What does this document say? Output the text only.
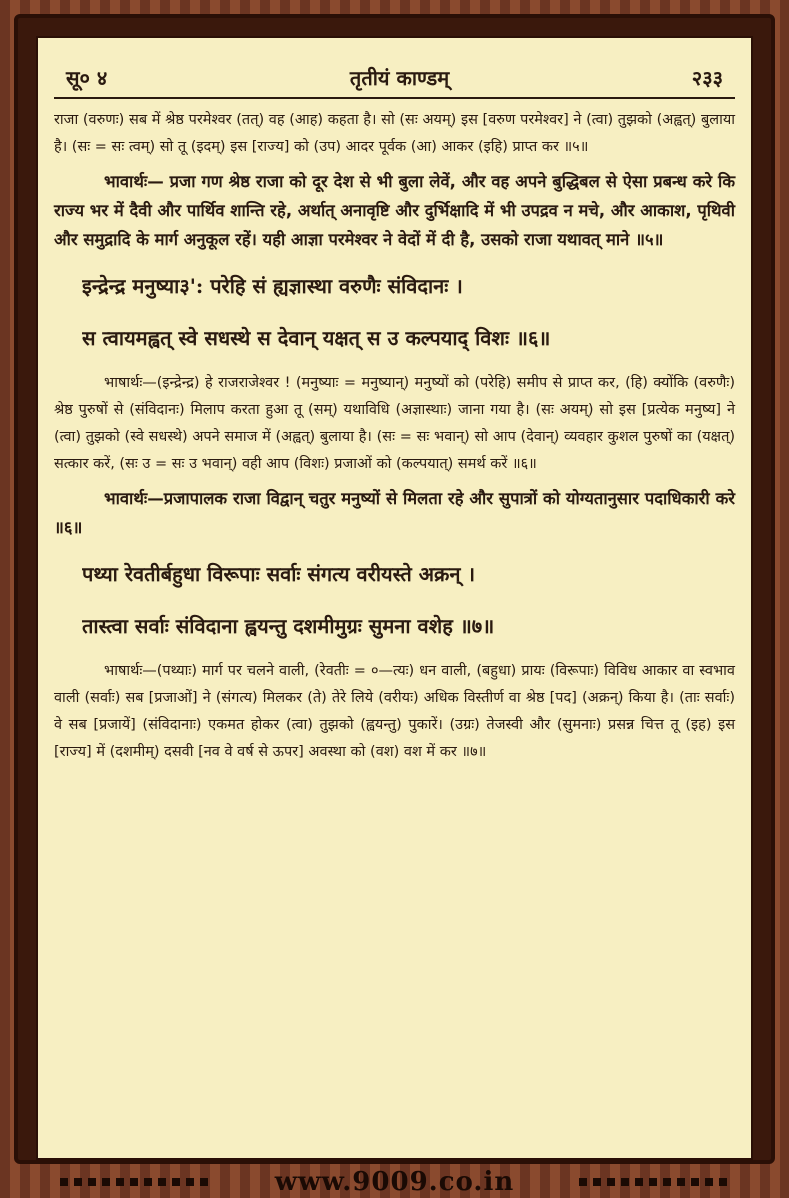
सू० ४	तृतीयं काण्डम्	२३३

राजा (वरुणः) सब में श्रेष्ठ परमेश्वर (तत्) वह (आह) कहता है। सो (सः अयम्) इस [वरुण परमेश्वर] ने (त्वा) तुझको (अह्वत्) बुलाया है। (सः = सः त्वम्) सो तू (इदम्) इस [राज्य] को (उप) आदर पूर्वक (आ) आकर (इहि) प्राप्त कर ॥५॥

भावार्थः— प्रजा गण श्रेष्ठ राजा को दूर देश से भी बुला लेवें, और वह अपने बुद्धिबल से ऐसा प्रबन्ध करे कि राज्य भर में दैवी और पार्थिव शान्ति रहे, अर्थात् अनावृष्टि और दुर्भिक्षादि में भी उपद्रव न मचे, और आकाश, पृथिवी और समुद्रादि के मार्ग अनुकूल रहें। यही आज्ञा परमेश्वर ने वेदों में दी है, उसको राजा यथावत् माने ॥५॥

इन्द्रेन्द्र मनुष्या३': परेहि सं ह्यज्ञास्था वरुणैः संविदानः ।
स त्वायमह्वत् स्वे सधस्थे स देवान् यक्षत् स उ कल्पयाद् विशः ॥६॥

भाषार्थः—(इन्द्रेन्द्र) हे राजराजेश्वर ! (मनुष्याः = मनुष्यान्) मनुष्यों को (परेहि) समीप से प्राप्त कर, (हि) क्योंकि (वरुणैः) श्रेष्ठ पुरुषों से (संविदानः) मिलाप करता हुआ तू (सम्) यथाविधि (अज्ञास्थाः) जाना गया है। (सः अयम्) सो इस [प्रत्येक मनुष्य] ने (त्वा) तुझको (स्वे सधस्थे) अपने समाज में (अह्वत्) बुलाया है। (सः = सः भवान्) सो आप (देवान्) व्यवहार कुशल पुरुषों का (यक्षत्) सत्कार करें, (सः उ = सः उ भवान्) वही आप (विशः) प्रजाओं को (कल्पयात्) समर्थ करें ॥६॥

भावार्थः—प्रजापालक राजा विद्वान् चतुर मनुष्यों से मिलता रहे और सुपात्रों को योग्यतानुसार पदाधिकारी करे ॥६॥

पथ्या रेवतीर्बहुधा विरूपाः सर्वाः संगत्य वरीयस्ते अक्रन् ।
तास्त्वा सर्वाः संविदाना ह्वयन्तु दशमीमुग्रः सुमना वशेह ॥७॥

भाषार्थः—(पथ्याः) मार्ग पर चलने वाली, (रेवतीः = ०—त्यः) धन वाली, (बहुधा) प्रायः (विरूपाः) विविध आकार वा स्वभाव वाली (सर्वाः) सब [प्रजाओं] ने (संगत्य) मिलकर (ते) तेरे लिये (वरीयः) अधिक विस्तीर्ण वा श्रेष्ठ [पद] (अक्रन्) किया है। (ताः सर्वाः) वे सब [प्रजायें] (संविदानाः) एकमत होकर (त्वा) तुझको (ह्वयन्तु) पुकारें। (उग्रः) तेजस्वी और (सुमनाः) प्रसन्न चित्त तू (इह) इस [राज्य] में (दशमीम्) दसवी [नव वे वर्ष से ऊपर] अवस्था को (वश) वश में कर ॥७॥

www.9009.co.in
